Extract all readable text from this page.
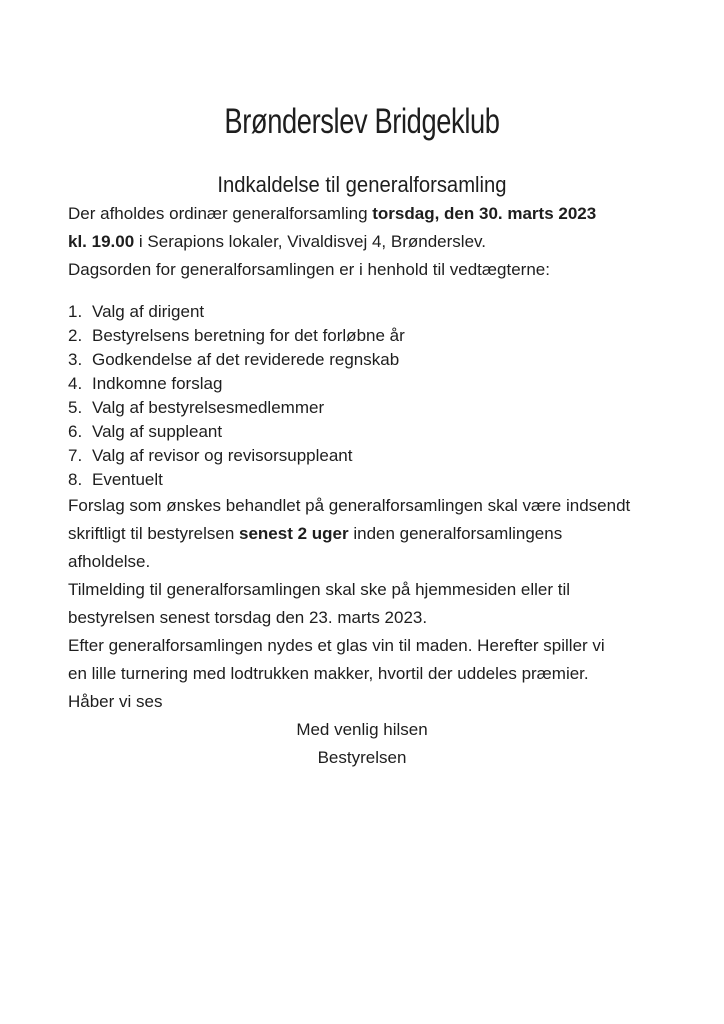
Brønderslev Bridgeklub
Indkaldelse til generalforsamling

Der afholdes ordinær generalforsamling torsdag, den 30. marts 2023
kl. 19.00 i Serapions lokaler, Vivaldisvej 4, Brønderslev.

Dagsorden for generalforsamlingen er i henhold til vedtægterne:

1. Valg af dirigent
2. Bestyrelsens beretning for det forløbne år
3. Godkendelse af det reviderede regnskab
4. Indkomne forslag
5. Valg af bestyrelsesmedlemmer
6. Valg af suppleant
7. Valg af revisor og revisorsuppleant
8. Eventuelt

Forslag som ønskes behandlet på generalforsamlingen skal være indsendt
skriftligt til bestyrelsen senest 2 uger inden generalforsamlingens
afholdelse.

Tilmelding til generalforsamlingen skal ske på hjemmesiden eller til
bestyrelsen senest torsdag den 23. marts 2023.

Efter generalforsamlingen nydes et glas vin til maden. Herefter spiller vi
en lille turnering med lodtrukken makker, hvortil der uddeles præmier.

Håber vi ses

Med venlig hilsen

Bestyrelsen
